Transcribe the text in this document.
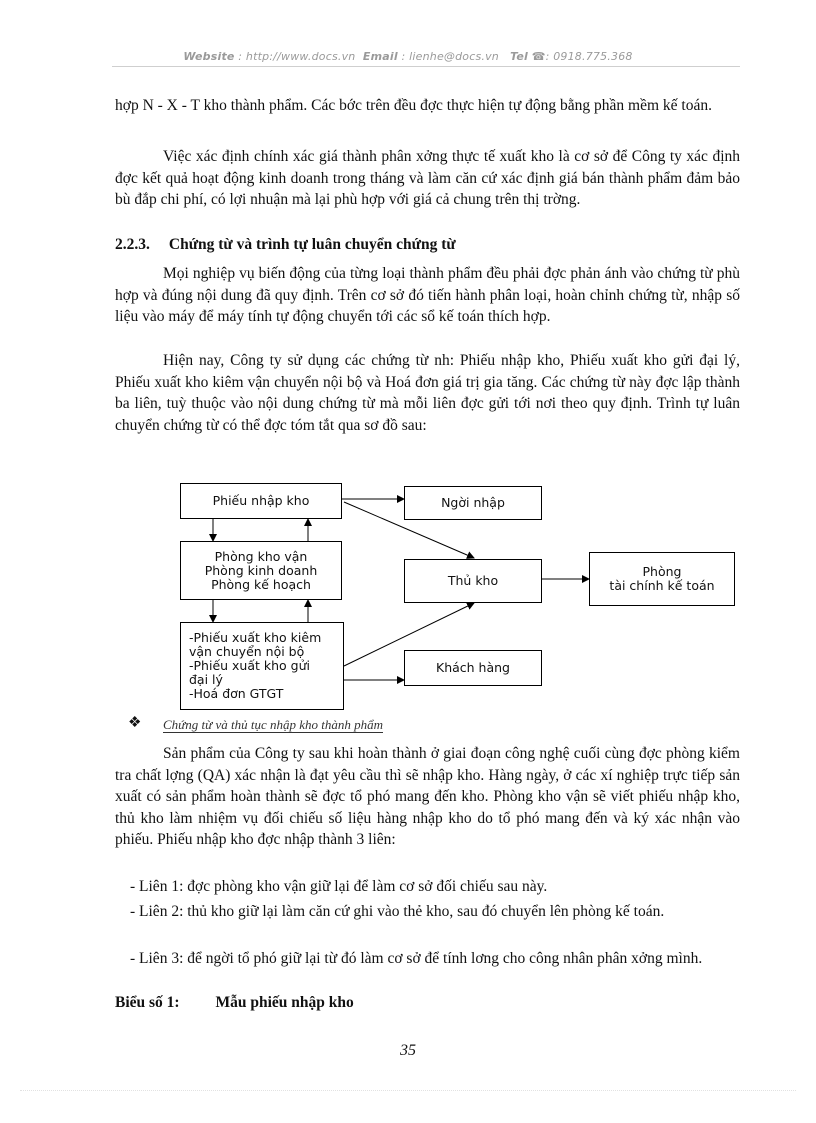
Website : http://www.docs.vn Email : lienhe@docs.vn Tel ☎: 0918.775.368

hợp N - X - T kho thành phẩm. Các bớc trên đều đợc thực hiện tự động bằng phần mềm kế toán.

Việc xác định chính xác giá thành phân xởng thực tế xuất kho là cơ sở để Công ty xác định đợc kết quả hoạt động kinh doanh trong tháng và làm căn cứ xác định giá bán thành phẩm đảm bảo bù đắp chi phí, có lợi nhuận mà lại phù hợp với giá cả chung trên thị trờng.

2.2.3. Chứng từ và trình tự luân chuyển chứng từ

Mọi nghiệp vụ biến động của từng loại thành phẩm đều phải đợc phản ánh vào chứng từ phù hợp và đúng nội dung đã quy định. Trên cơ sở đó tiến hành phân loại, hoàn chỉnh chứng từ, nhập số liệu vào máy để máy tính tự động chuyển tới các sổ kế toán thích hợp.

Hiện nay, Công ty sử dụng các chứng từ nh: Phiếu nhập kho, Phiếu xuất kho gửi đại lý, Phiếu xuất kho kiêm vận chuyển nội bộ và Hoá đơn giá trị gia tăng. Các chứng từ này đợc lập thành ba liên, tuỳ thuộc vào nội dung chứng từ mà mỗi liên đợc gửi tới nơi theo quy định. Trình tự luân chuyển chứng từ có thể đợc tóm tắt qua sơ đồ sau:

Phiếu nhập kho	Ngời nhập
Phòng kho vận
Phòng kinh doanh
Phòng kế hoạch	Thủ kho
Phòng
tài chính kế toán
-Phiếu xuất kho kiêm
vận chuyển nội bộ
-Phiếu xuất kho gửi
đại lý
-Hoá đơn GTGT
Khách hàng
❖ Chứng từ và thủ tục nhập kho thành phẩm

Sản phẩm của Công ty sau khi hoàn thành ở giai đoạn công nghệ cuối cùng đợc phòng kiểm tra chất lợng (QA) xác nhận là đạt yêu cầu thì sẽ nhập kho. Hàng ngày, ở các xí nghiệp trực tiếp sản xuất có sản phẩm hoàn thành sẽ đợc tổ phó mang đến kho. Phòng kho vận sẽ viết phiếu nhập kho, thủ kho làm nhiệm vụ đối chiếu số liệu hàng nhập kho do tổ phó mang đến và ký xác nhận vào phiếu. Phiếu nhập kho đợc nhập thành 3 liên:

- Liên 1: đợc phòng kho vận giữ lại để làm cơ sở đối chiếu sau này.

- Liên 2: thủ kho giữ lại làm căn cứ ghi vào thẻ kho, sau đó chuyển lên phòng kế toán.

- Liên 3: để ngời tổ phó giữ lại từ đó làm cơ sở để tính lơng cho công nhân phân xởng mình.

Biểu số 1: Mẫu phiếu nhập kho
35
